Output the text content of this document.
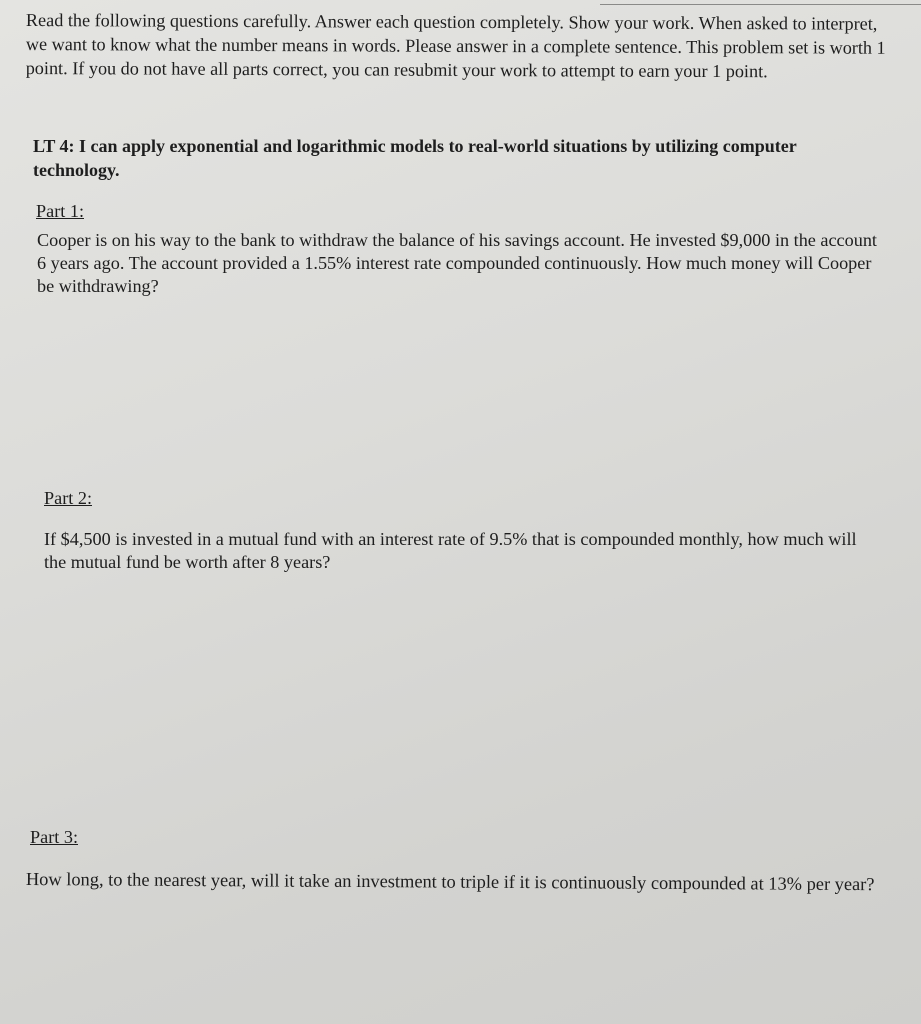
Read the following questions carefully. Answer each question completely. Show your work. When asked to interpret, we want to know what the number means in words. Please answer in a complete sentence. This problem set is worth 1 point. If you do not have all parts correct, you can resubmit your work to attempt to earn your 1 point.

LT 4: I can apply exponential and logarithmic models to real-world situations by utilizing computer technology.

Part 1:

Cooper is on his way to the bank to withdraw the balance of his savings account. He invested $9,000 in the account 6 years ago. The account provided a 1.55% interest rate compounded continuously. How much money will Cooper be withdrawing?

Part 2:

If $4,500 is invested in a mutual fund with an interest rate of 9.5% that is compounded monthly, how much will the mutual fund be worth after 8 years?

Part 3:

How long, to the nearest year, will it take an investment to triple if it is continuously compounded at 13% per year?
